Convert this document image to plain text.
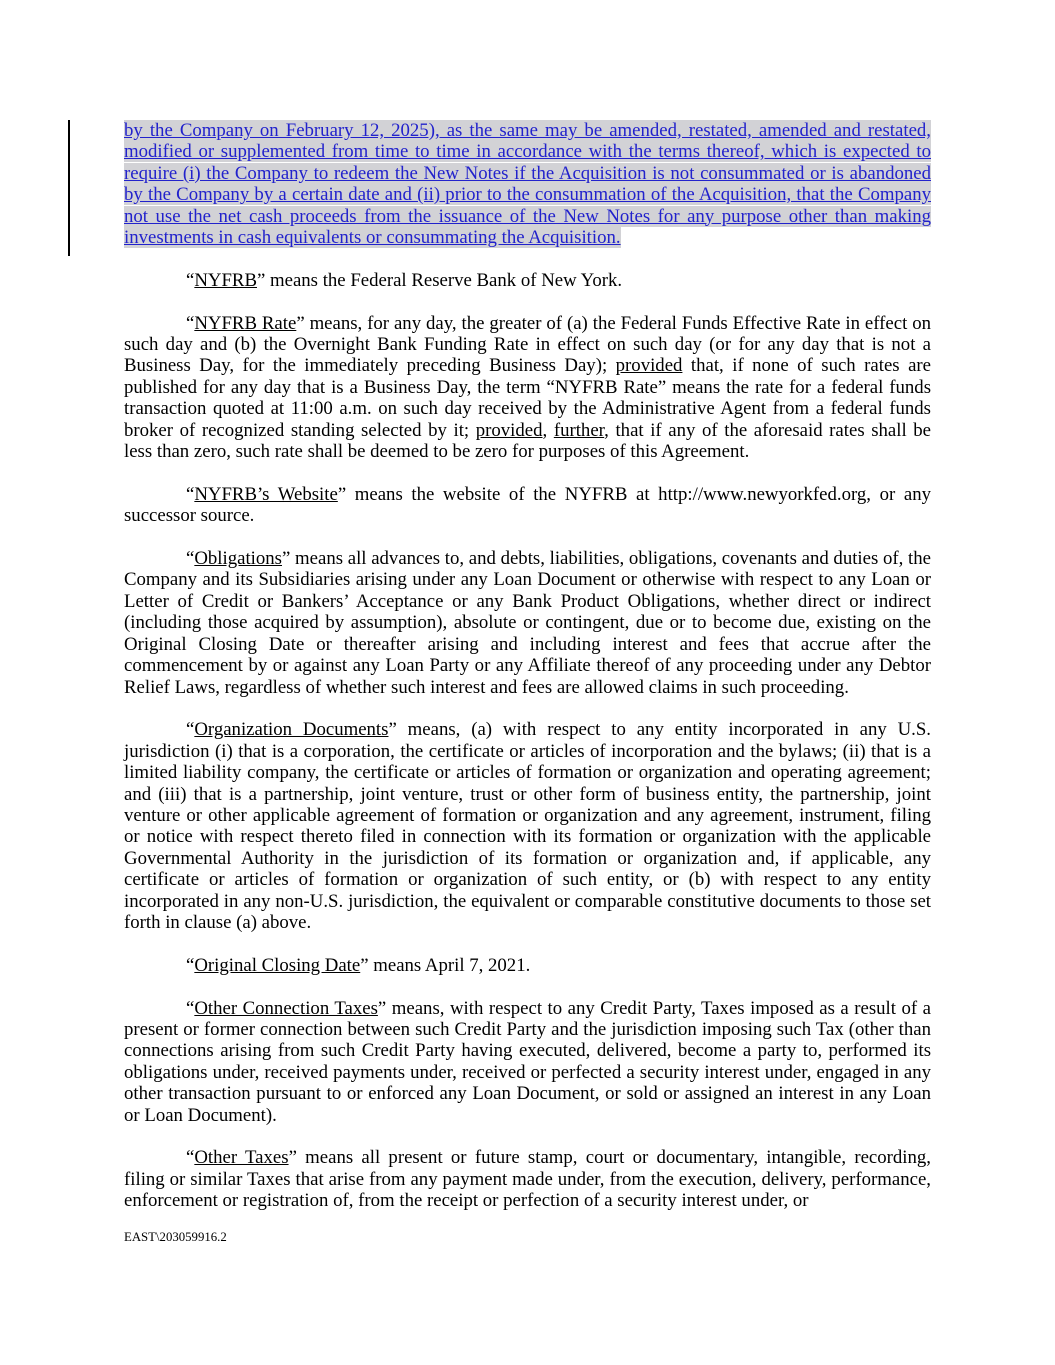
by the Company on February 12, 2025), as the same may be amended, restated, amended and restated, modified or supplemented from time to time in accordance with the terms thereof, which is expected to require (i) the Company to redeem the New Notes if the Acquisition is not consummated or is abandoned by the Company by a certain date and (ii) prior to the consummation of the Acquisition, that the Company not use the net cash proceeds from the issuance of the New Notes for any purpose other than making investments in cash equivalents or consummating the Acquisition.

“NYFRB” means the Federal Reserve Bank of New York.

“NYFRB Rate” means, for any day, the greater of (a) the Federal Funds Effective Rate in effect on such day and (b) the Overnight Bank Funding Rate in effect on such day (or for any day that is not a Business Day, for the immediately preceding Business Day); provided that, if none of such rates are published for any day that is a Business Day, the term “NYFRB Rate” means the rate for a federal funds transaction quoted at 11:00 a.m. on such day received by the Administrative Agent from a federal funds broker of recognized standing selected by it; provided, further, that if any of the aforesaid rates shall be less than zero, such rate shall be deemed to be zero for purposes of this Agreement.

“NYFRB’s Website” means the website of the NYFRB at http://www.newyorkfed.org, or any successor source.

“Obligations” means all advances to, and debts, liabilities, obligations, covenants and duties of, the Company and its Subsidiaries arising under any Loan Document or otherwise with respect to any Loan or Letter of Credit or Bankers’ Acceptance or any Bank Product Obligations, whether direct or indirect (including those acquired by assumption), absolute or contingent, due or to become due, existing on the Original Closing Date or thereafter arising and including interest and fees that accrue after the commencement by or against any Loan Party or any Affiliate thereof of any proceeding under any Debtor Relief Laws, regardless of whether such interest and fees are allowed claims in such proceeding.

“Organization Documents” means, (a) with respect to any entity incorporated in any U.S. jurisdiction (i) that is a corporation, the certificate or articles of incorporation and the bylaws; (ii) that is a limited liability company, the certificate or articles of formation or organization and operating agreement; and (iii) that is a partnership, joint venture, trust or other form of business entity, the partnership, joint venture or other applicable agreement of formation or organization and any agreement, instrument, filing or notice with respect thereto filed in connection with its formation or organization with the applicable Governmental Authority in the jurisdiction of its formation or organization and, if applicable, any certificate or articles of formation or organization of such entity, or (b) with respect to any entity incorporated in any non-U.S. jurisdiction, the equivalent or comparable constitutive documents to those set forth in clause (a) above.

“Original Closing Date” means April 7, 2021.

“Other Connection Taxes” means, with respect to any Credit Party, Taxes imposed as a result of a present or former connection between such Credit Party and the jurisdiction imposing such Tax (other than connections arising from such Credit Party having executed, delivered, become a party to, performed its obligations under, received payments under, received or perfected a security interest under, engaged in any other transaction pursuant to or enforced any Loan Document, or sold or assigned an interest in any Loan or Loan Document).

“Other Taxes” means all present or future stamp, court or documentary, intangible, recording, filing or similar Taxes that arise from any payment made under, from the execution, delivery, performance, enforcement or registration of, from the receipt or perfection of a security interest under, or

EAST\203059916.2
